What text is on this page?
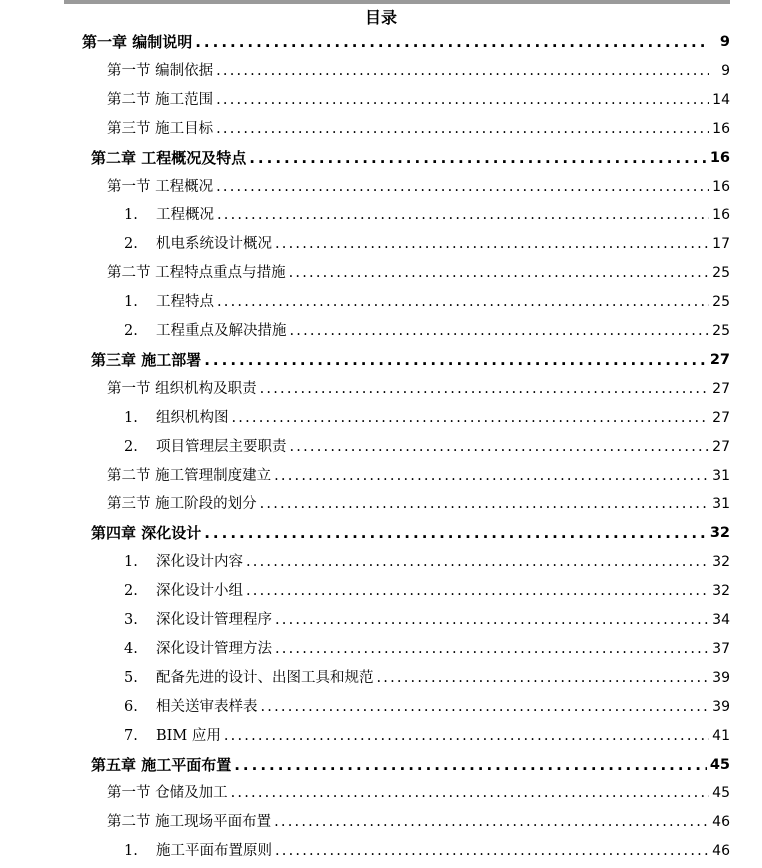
目录
第一章 编制说明 .....	9
第一节 编制依据 .....	9
第二节 施工范围 .....	14
第三节 施工目标 .....	16
第二章 工程概况及特点 .....	16
第一节 工程概况 .....	16
1.	工程概况 .....	16
2.	机电系统设计概况 .....	17
第二节 工程特点重点与措施 .....	25
1.	工程特点 .....	25
2.	工程重点及解决措施 .....	25
第三章 施工部署 .....	27
第一节 组织机构及职责 .....	27
1.	组织机构图 .....	27
2.	项目管理层主要职责 .....	27
第二节 施工管理制度建立 .....	31
第三节 施工阶段的划分 .....	31
第四章 深化设计 .....	32
1.	深化设计内容 .....	32
2.	深化设计小组 .....	32
3.	深化设计管理程序 .....	34
4.	深化设计管理方法 .....	37
5.	配备先进的设计、出图工具和规范 .....	39
6.	相关送审表样表 .....	39
7.	BIM 应用 .....	41
第五章 施工平面布置 .....	45
第一节 仓储及加工 .....	45
第二节 施工现场平面布置 .....	46
1.	施工平面布置原则 .....	46
